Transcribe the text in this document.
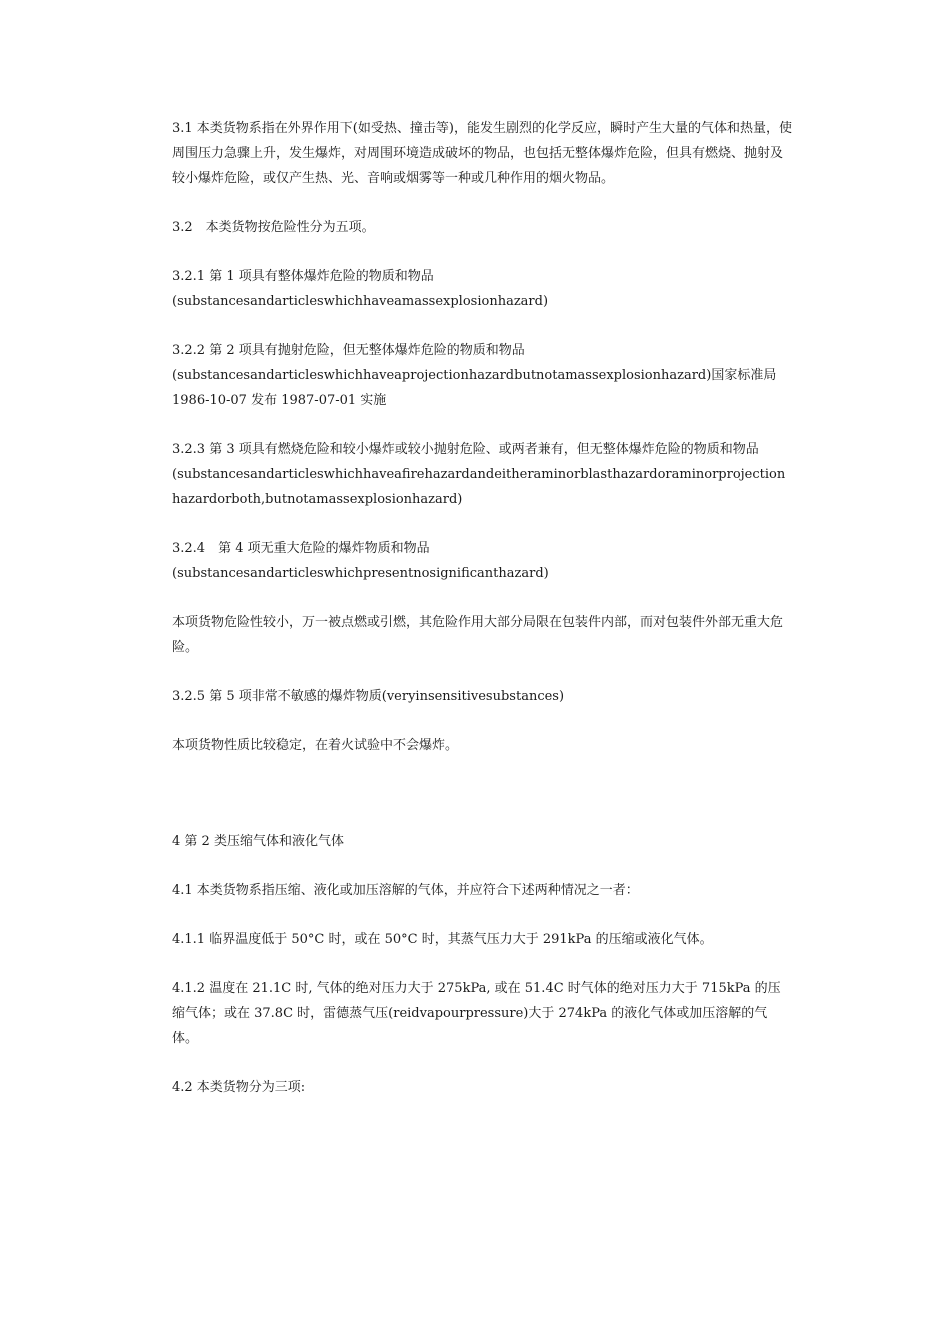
3.1 本类货物系指在外界作用下(如受热、撞击等)，能发生剧烈的化学反应，瞬时产生大量的气体和热量，使周围压力急骤上升，发生爆炸，对周围环境造成破坏的物品，也包括无整体爆炸危险，但具有燃烧、抛射及较小爆炸危险，或仅产生热、光、音响或烟雾等一种或几种作用的烟火物品。

3.2　本类货物按危险性分为五项。

3.2.1 第 1 项具有整体爆炸危险的物质和物品
(substancesandarticleswhichhaveamassexplosionhazard)

3.2.2 第 2 项具有抛射危险，但无整体爆炸危险的物质和物品
(substancesandarticleswhichhaveaprojectionhazardbutnotamassexplosionhazard)国家标准局
1986-10-07 发布 1987-07-01 实施

3.2.3 第 3 项具有燃烧危险和较小爆炸或较小抛射危险、或两者兼有，但无整体爆炸危险的物质和物品
(substancesandarticleswhichhaveafirehazardandeitheraminorblasthazardoraminorprojectionhazardorboth,butnotamassexplosionhazard)

3.2.4　第 4 项无重大危险的爆炸物质和物品
(substancesandarticleswhichpresentnosignificanthazard)

本项货物危险性较小，万一被点燃或引燃，其危险作用大部分局限在包装件内部，而对包装件外部无重大危险。

3.2.5 第 5 项非常不敏感的爆炸物质(veryinsensitivesubstances)

本项货物性质比较稳定，在着火试验中不会爆炸。

4 第 2 类压缩气体和液化气体

4.1 本类货物系指压缩、液化或加压溶解的气体，并应符合下述两种情况之一者：

4.1.1 临界温度低于 50°C 时，或在 50°C 时，其蒸气压力大于 291kPa 的压缩或液化气体。

4.1.2 温度在 21.1C 时, 气体的绝对压力大于 275kPa, 或在 51.4C 时气体的绝对压力大于 715kPa 的压缩气体；或在 37.8C 时，雷德蒸气压(reidvapourpressure)大于 274kPa 的液化气体或加压溶解的气体。

4.2 本类货物分为三项:
